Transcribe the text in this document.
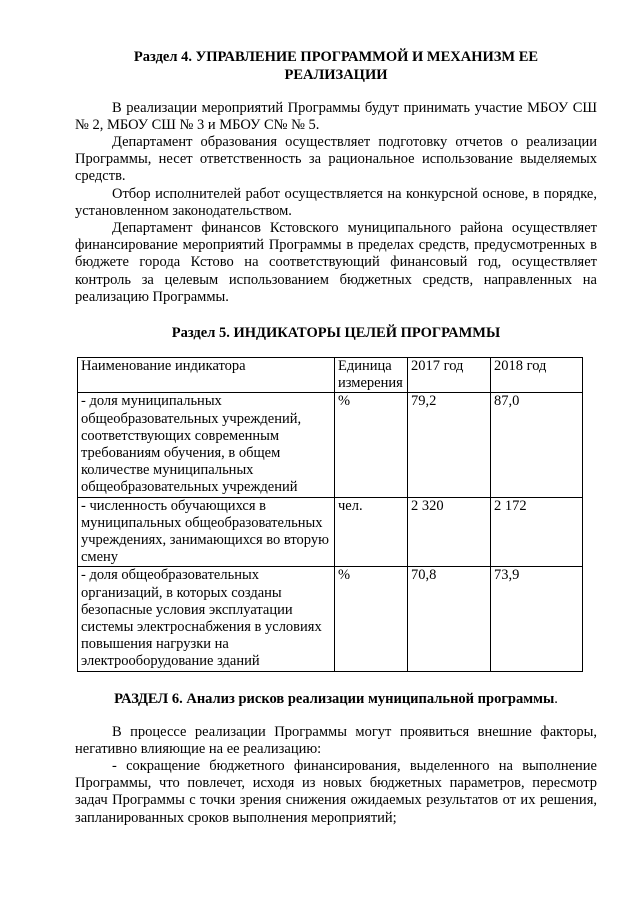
Раздел 4. УПРАВЛЕНИЕ ПРОГРАММОЙ И МЕХАНИЗМ ЕЕ
РЕАЛИЗАЦИИ

В реализации мероприятий Программы будут принимать участие МБОУ СШ № 2, МБОУ СШ № 3 и МБОУ С№ № 5.

Департамент образования осуществляет подготовку отчетов о реализации Программы, несет ответственность за рациональное использование выделяемых средств.

Отбор исполнителей работ осуществляется на конкурсной основе, в порядке, установленном законодательством.

Департамент финансов Кстовского муниципального района осуществляет финансирование мероприятий Программы в пределах средств, предусмотренных в бюджете города Кстово на соответствующий финансовый год, осуществляет контроль за целевым использованием бюджетных средств, направленных на реализацию Программы.

Раздел 5. ИНДИКАТОРЫ ЦЕЛЕЙ ПРОГРАММЫ
Наименование индикатора	Единица измерения	2017 год	2018 год
- доля муниципальных общеобразовательных учреждений, соответствующих современным требованиям обучения, в общем количестве муниципальных общеобразовательных учреждений	%	79,2	87,0
- численность обучающихся в муниципальных общеобразовательных учреждениях, занимающихся во вторую смену	чел.	2 320	2 172
- доля общеобразовательных организаций, в которых созданы безопасные условия эксплуатации системы электроснабжения в условиях повышения нагрузки на электрооборудование зданий	%	70,8	73,9
РАЗДЕЛ 6. Анализ рисков реализации муниципальной программы.

В процессе реализации Программы могут проявиться внешние факторы, негативно влияющие на ее реализацию:

- сокращение бюджетного финансирования, выделенного на выполнение Программы, что повлечет, исходя из новых бюджетных параметров, пересмотр задач Программы с точки зрения снижения ожидаемых результатов от их решения, запланированных сроков выполнения мероприятий;
